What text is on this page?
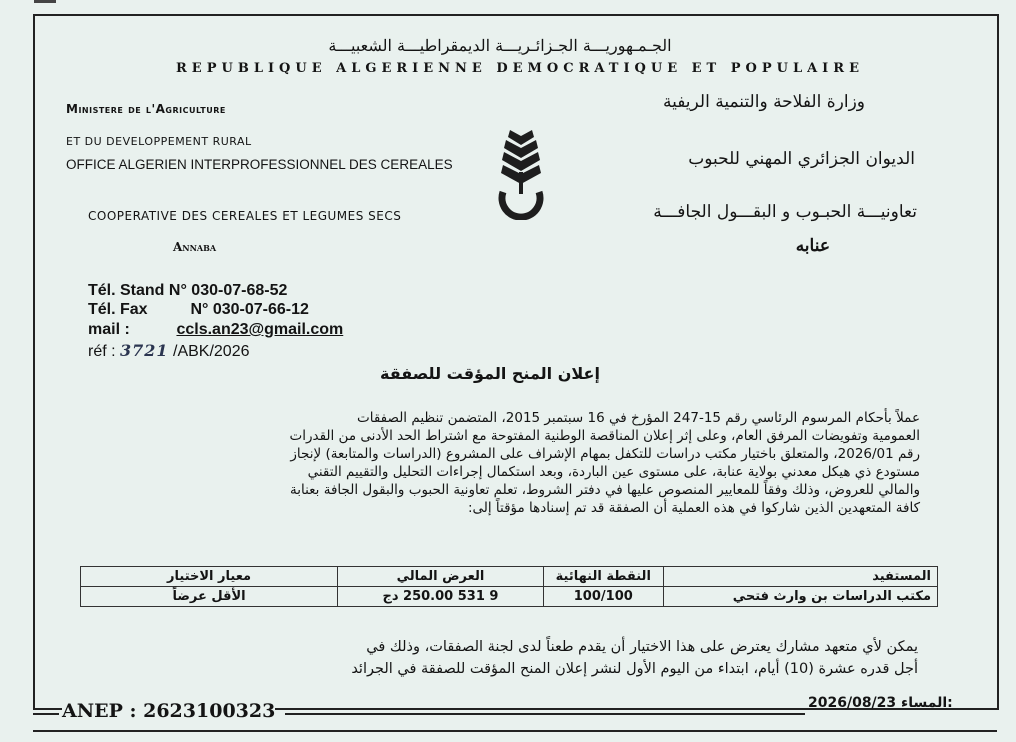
الجـمـهوريـــة الجـزائـريـــة الديمقراطيـــة الشعبيـــة
REPUBLIQUE ALGERIENNE DEMOCRATIQUE ET POPULAIRE
Ministere de l'Agriculture
ET DU DEVELOPPEMENT RURAL
OFFICE ALGERIEN INTERPROFESSIONNEL DES CEREALES
COOPERATIVE DES CEREALES ET LEGUMES SECS
Annaba
وزارة الفلاحة والتنمية الريفية
الديوان الجزائري المهني للحبوب
تعاونيـــة الحبـوب و البقـــول الجافـــة
عنابه
Tél. Stand N° 030-07-68-52
Tél. Fax	N° 030-07-66-12
mail :	ccls.an23@gmail.com
réf : 3721 /ABK/2026
إعلان المنح المؤقت للصفقة
عملاً بأحكام المرسوم الرئاسي رقم 15-247 المؤرخ في 16 سبتمبر 2015، المتضمن تنظيم الصفقات
العمومية وتفويضات المرفق العام، وعلى إثر إعلان المناقصة الوطنية المفتوحة مع اشتراط الحد الأدنى من القدرات
رقم 2026/01، والمتعلق باختيار مكتب دراسات للتكفل بمهام الإشراف على المشروع (الدراسات والمتابعة) لإنجاز
مستودع ذي هيكل معدني بولاية عنابة، على مستوى عين الباردة، وبعد استكمال إجراءات التحليل والتقييم التقني
والمالي للعروض، وذلك وفقاً للمعايير المنصوص عليها في دفتر الشروط، تعلم تعاونية الحبوب والبقول الجافة بعنابة
كافة المتعهدين الذين شاركوا في هذه العملية أن الصفقة قد تم إسنادها مؤقتاً إلى:
المستفيد	النقطة النهائية	العرض المالي	معيار الاختيار
مكتب الدراسات بن وارث فتحي	100/100	9 531 250.00 دج	الأقل عرضاً
يمكن لأي متعهد مشارك يعترض على هذا الاختيار أن يقدم طعناً لدى لجنة الصفقات، وذلك في
أجل قدره عشرة (10) أيام، ابتداء من اليوم الأول لنشر إعلان المنح المؤقت للصفقة في الجرائد
ANEP : 2623100323	2026/08/23 المساء:
